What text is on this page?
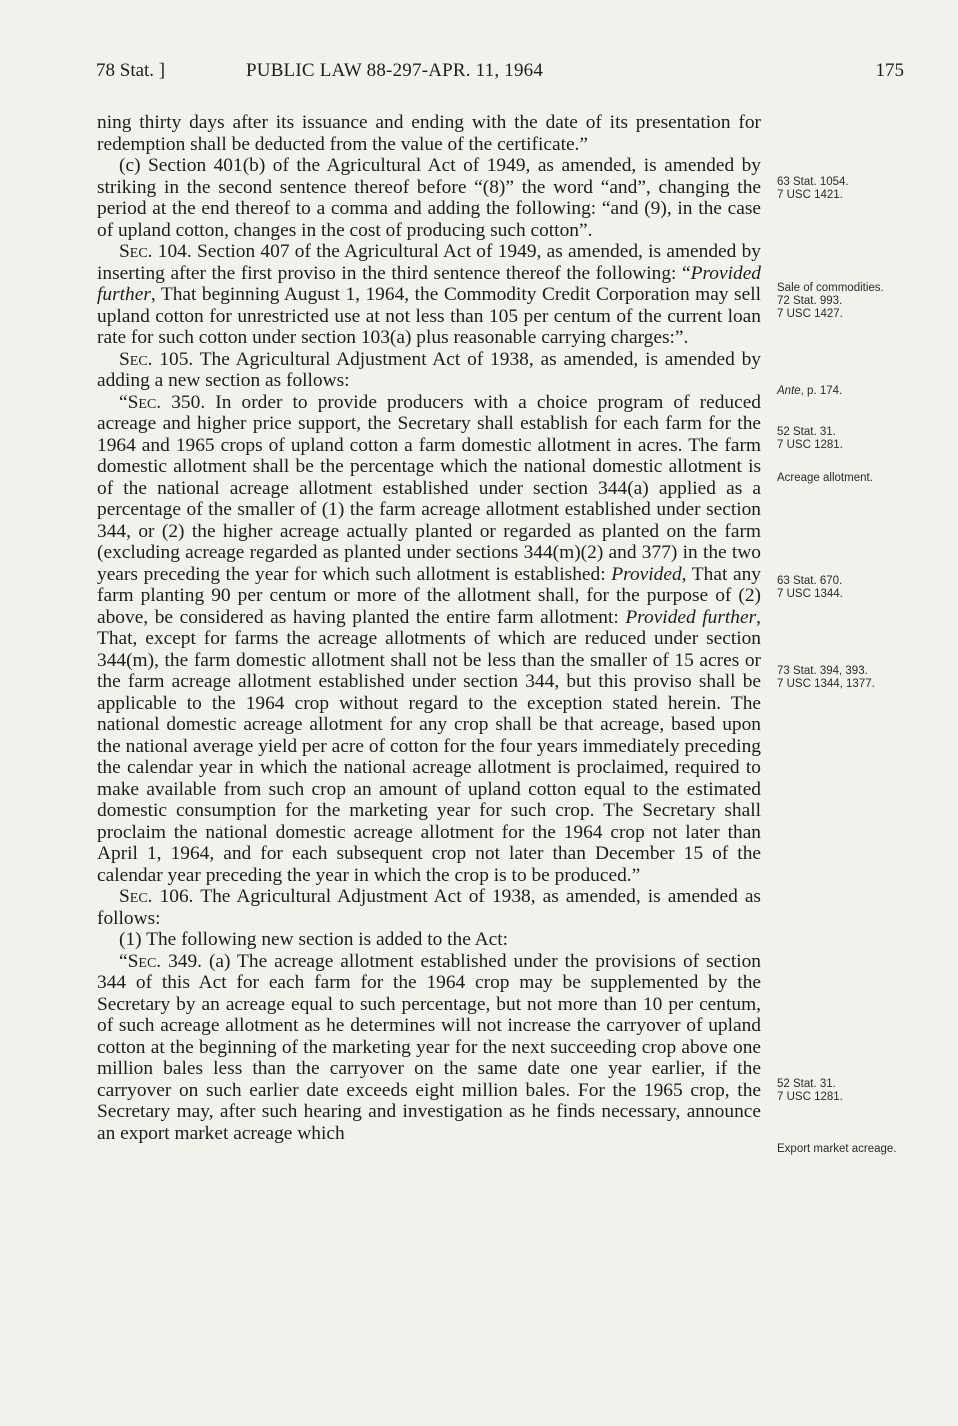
78 Stat. ]	PUBLIC LAW 88-297-APR. 11, 1964	175

ning thirty days after its issuance and ending with the date of its presentation for redemption shall be deducted from the value of the certificate.”

(c) Section 401(b) of the Agricultural Act of 1949, as amended, is amended by striking in the second sentence thereof before “(8)” the word “and”, changing the period at the end thereof to a comma and adding the following: “and (9), in the case of upland cotton, changes in the cost of producing such cotton”.

Sec. 104. Section 407 of the Agricultural Act of 1949, as amended, is amended by inserting after the first proviso in the third sentence thereof the following: “Provided further, That beginning August 1, 1964, the Commodity Credit Corporation may sell upland cotton for unrestricted use at not less than 105 per centum of the current loan rate for such cotton under section 103(a) plus reasonable carrying charges:”.

Sec. 105. The Agricultural Adjustment Act of 1938, as amended, is amended by adding a new section as follows:

“Sec. 350. In order to provide producers with a choice program of reduced acreage and higher price support, the Secretary shall establish for each farm for the 1964 and 1965 crops of upland cotton a farm domestic allotment in acres. The farm domestic allotment shall be the percentage which the national domestic allotment is of the national acreage allotment established under section 344(a) applied as a percentage of the smaller of (1) the farm acreage allotment established under section 344, or (2) the higher acreage actually planted or regarded as planted on the farm (excluding acreage regarded as planted under sections 344(m)(2) and 377) in the two years preceding the year for which such allotment is established: Provided, That any farm planting 90 per centum or more of the allotment shall, for the purpose of (2) above, be considered as having planted the entire farm allotment: Provided further, That, except for farms the acreage allotments of which are reduced under section 344(m), the farm domestic allotment shall not be less than the smaller of 15 acres or the farm acreage allotment established under section 344, but this proviso shall be applicable to the 1964 crop without regard to the exception stated herein. The national domestic acreage allotment for any crop shall be that acreage, based upon the national average yield per acre of cotton for the four years immediately preceding the calendar year in which the national acreage allotment is proclaimed, required to make available from such crop an amount of upland cotton equal to the estimated domestic consumption for the marketing year for such crop. The Secretary shall proclaim the national domestic acreage allotment for the 1964 crop not later than April 1, 1964, and for each subsequent crop not later than December 15 of the calendar year preceding the year in which the crop is to be produced.”

Sec. 106. The Agricultural Adjustment Act of 1938, as amended, is amended as follows:

(1) The following new section is added to the Act:

“Sec. 349. (a) The acreage allotment established under the provisions of section 344 of this Act for each farm for the 1964 crop may be supplemented by the Secretary by an acreage equal to such percentage, but not more than 10 per centum, of such acreage allotment as he determines will not increase the carryover of upland cotton at the beginning of the marketing year for the next succeeding crop above one million bales less than the carryover on the same date one year earlier, if the carryover on such earlier date exceeds eight million bales. For the 1965 crop, the Secretary may, after such hearing and investigation as he finds necessary, announce an export market acreage which

63 Stat. 1054.
7 USC 1421.
Sale of commodities.
72 Stat. 993.
7 USC 1427.
Ante, p. 174.
52 Stat. 31.
7 USC 1281.
Acreage allotment.
63 Stat. 670.
7 USC 1344.
73 Stat. 394, 393.
7 USC 1344, 1377.
52 Stat. 31.
7 USC 1281.
Export market acreage.
